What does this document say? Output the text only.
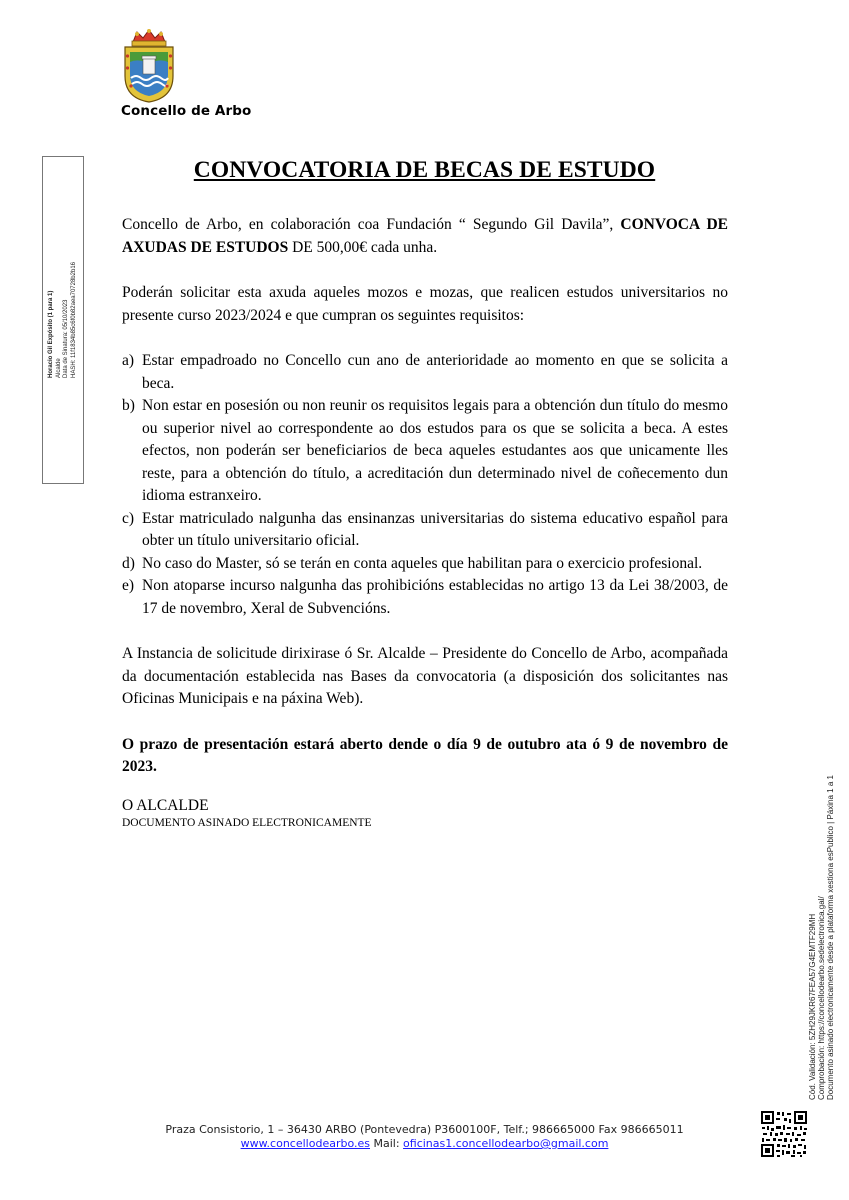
Concello de Arbo
Horacio Gil Expósito (1 para 1) Alcalde Data de Sinatura: 05/10/2023 HASH: 11f1834b85c6f0b82aea70728b2b16
CONVOCATORIA DE BECAS DE ESTUDO

Concello de Arbo, en colaboración coa Fundación “ Segundo Gil Davila”, CONVOCA DE AXUDAS DE ESTUDOS DE 500,00€ cada unha.

Poderán solicitar esta axuda aqueles mozos e mozas, que realicen estudos universitarios no presente curso 2023/2024 e que cumpran os seguintes requisitos:

a) Estar empadroado no Concello cun ano de anterioridade ao momento en que se solicita a beca.
b) Non estar en posesión ou non reunir os requisitos legais para a obtención dun título do mesmo ou superior nivel ao correspondente ao dos estudos para os que se solicita a beca. A estes efectos, non poderán ser beneficiarios de beca aqueles estudantes aos que unicamente lles reste, para a obtención do título, a acreditación dun determinado nivel de coñecemento dun idioma estranxeiro.
c) Estar matriculado nalgunha das ensinanzas universitarias do sistema educativo español para obter un título universitario oficial.
d) No caso do Master, só se terán en conta aqueles que habilitan para o exercicio profesional.
e) Non atoparse incurso nalgunha das prohibicións establecidas no artigo 13 da Lei 38/2003, de 17 de novembro, Xeral de Subvencións.

A Instancia de solicitude dirixirase ó Sr. Alcalde – Presidente do Concello de Arbo, acompañada da documentación establecida nas Bases da convocatoria (a disposición dos solicitantes nas Oficinas Municipais e na páxina Web).

O prazo de presentación estará aberto dende o día 9 de outubro ata ó 9 de novembro de 2023.

O ALCALDE

DOCUMENTO ASINADO ELECTRONICAMENTE

Cód. Validación: 5ZH29JKR67FEA57G4EMTF29MH Comprobación: https://concellodearbo.sedelectronica.gal/ Documento asinado electronicamente desde a plataforma xestiona esPublico | Páxina 1 a 1
Praza Consistorio, 1 – 36430 ARBO (Pontevedra) P3600100F, Telf.; 986665000 Fax 986665011
www.concellodearbo.es Mail: oficinas1.concellodearbo@gmail.com
